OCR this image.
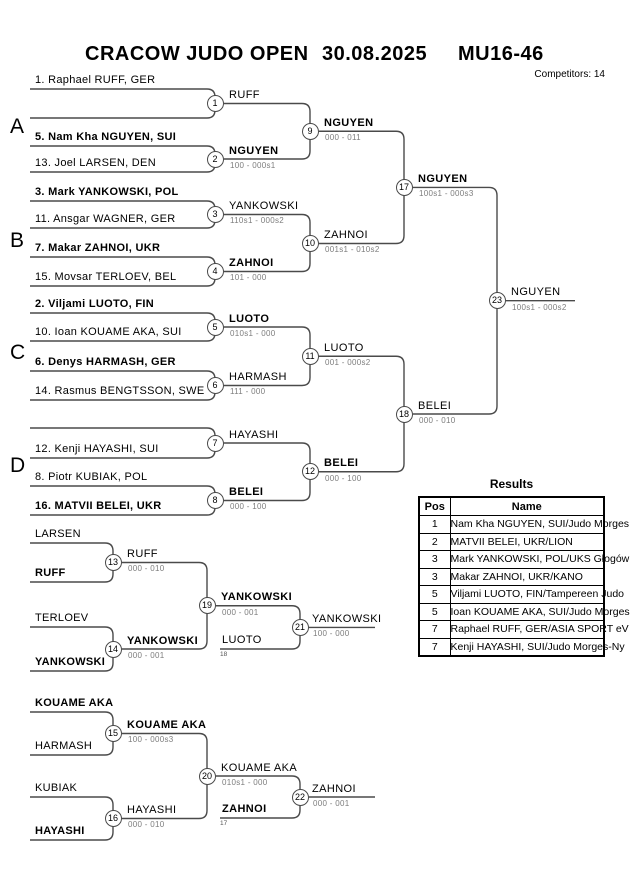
CRACOW JUDO OPEN 30.08.2025 MU16-46
Competitors: 14
A
B
C
D
1. Raphael RUFF, GER
5. Nam Kha NGUYEN, SUI
13. Joel LARSEN, DEN
3. Mark YANKOWSKI, POL
11. Ansgar WAGNER, GER
7. Makar ZAHNOI, UKR
15. Movsar TERLOEV, BEL
2. Viljami LUOTO, FIN
10. Ioan KOUAME AKA, SUI
6. Denys HARMASH, GER
14. Rasmus BENGTSSON, SWE
12. Kenji HAYASHI, SUI
8. Piotr KUBIAK, POL
16. MATVII BELEI, UKR
1
2
3
4
5
6
7
8
9
10
11
12
17
18
23
RUFF
NGUYEN
100 - 000s1
YANKOWSKI
110s1 - 000s2
ZAHNOI
101 - 000
LUOTO
010s1 - 000
HARMASH
111 - 000
HAYASHI
BELEI
000 - 100
NGUYEN
000 - 011
ZAHNOI
001s1 - 010s2
LUOTO
001 - 000s2
BELEI
000 - 100
NGUYEN
100s1 - 000s3
BELEI
000 - 010
NGUYEN
100s1 - 000s2
LARSEN
RUFF
TERLOEV
YANKOWSKI
13
14
19
21
RUFF
000 - 010
YANKOWSKI
000 - 001
YANKOWSKI
000 - 001
LUOTO
18
YANKOWSKI
100 - 000
KOUAME AKA
HARMASH
KUBIAK
HAYASHI
15
16
20
22
KOUAME AKA
100 - 000s3
HAYASHI
000 - 010
KOUAME AKA
010s1 - 000
ZAHNOI
17
ZAHNOI
000 - 001
Results
Pos	Name
1	Nam Kha NGUYEN, SUI/Judo Morges
2	MATVII BELEI, UKR/LION
3	Mark YANKOWSKI, POL/UKS Głogów
3	Makar ZAHNOI, UKR/KANO
5	Viljami LUOTO, FIN/Tampereen Judo
5	Ioan KOUAME AKA, SUI/Judo Morges
7	Raphael RUFF, GER/ASIA SPORT eV
7	Kenji HAYASHI, SUI/Judo Morges-Ny
